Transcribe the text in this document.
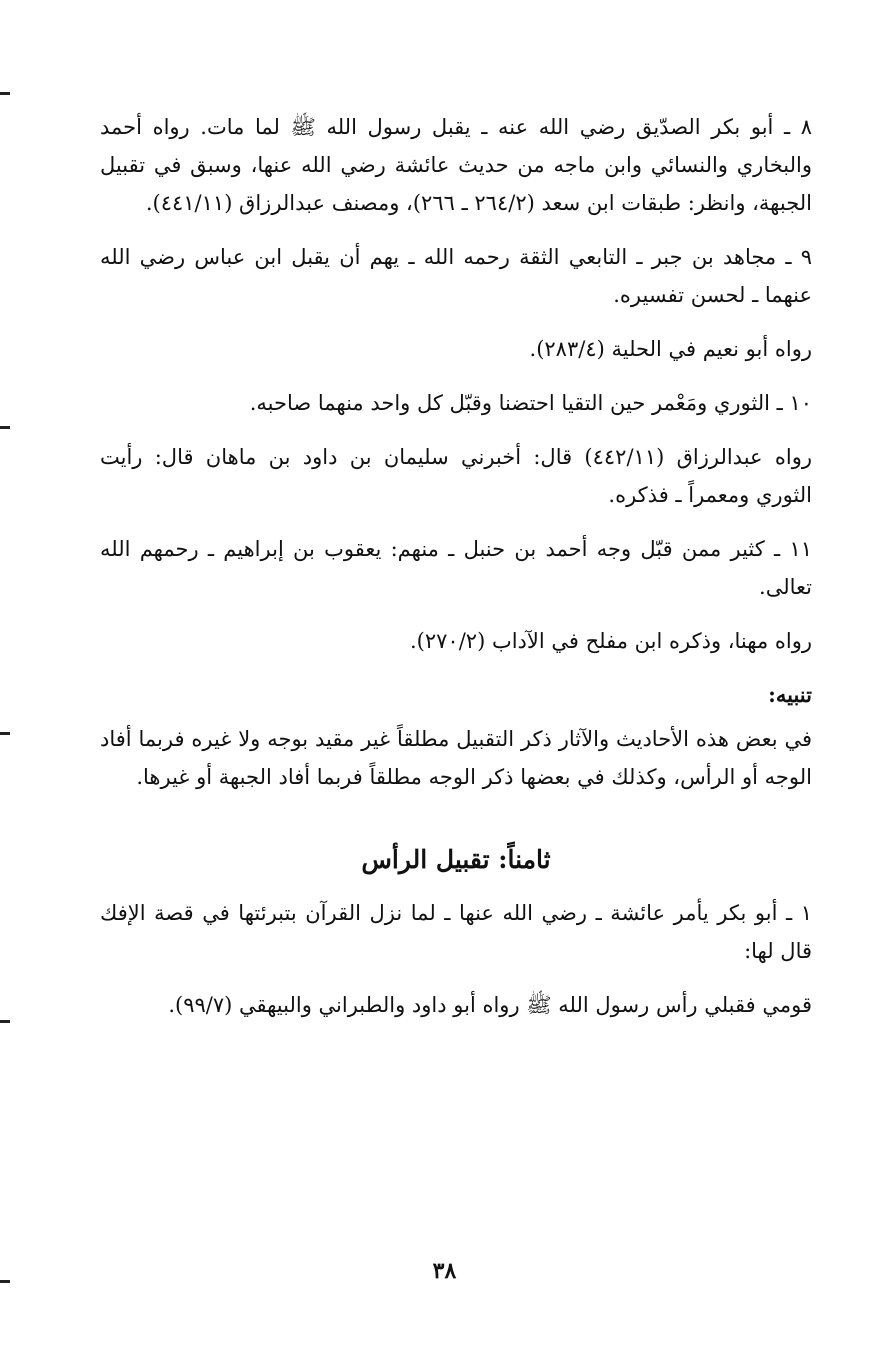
٨ ـ أبو بكر الصدّيق رضي الله عنه ـ يقبل رسول الله ﷺ لما مات. رواه أحمد والبخاري والنسائي وابن ماجه من حديث عائشة رضي الله عنها، وسبق في تقبيل الجبهة، وانظر: طبقات ابن سعد (٢٦٤/٢ ـ ٢٦٦)، ومصنف عبدالرزاق (٤٤١/١١).

٩ ـ مجاهد بن جبر ـ التابعي الثقة رحمه الله ـ يهم أن يقبل ابن عباس رضي الله عنهما ـ لحسن تفسيره.

رواه أبو نعيم في الحلية (٢٨٣/٤).

١٠ ـ الثوري ومَعْمر حين التقيا احتضنا وقبّل كل واحد منهما صاحبه.

رواه عبدالرزاق (٤٤٢/١١) قال: أخبرني سليمان بن داود بن ماهان قال: رأيت الثوري ومعمراً ـ فذكره.

١١ ـ كثير ممن قبّل وجه أحمد بن حنبل ـ منهم: يعقوب بن إبراهيم ـ رحمهم الله تعالى.

رواه مهنا، وذكره ابن مفلح في الآداب (٢٧٠/٢).

تنبيه:

في بعض هذه الأحاديث والآثار ذكر التقبيل مطلقاً غير مقيد بوجه ولا غيره فربما أفاد الوجه أو الرأس، وكذلك في بعضها ذكر الوجه مطلقاً فربما أفاد الجبهة أو غيرها.

ثامناً: تقبيل الرأس

١ ـ أبو بكر يأمر عائشة ـ رضي الله عنها ـ لما نزل القرآن بتبرئتها في قصة الإفك قال لها:

قومي فقبلي رأس رسول الله ﷺ رواه أبو داود والطبراني والبيهقي (٩٩/٧).

٣٨
